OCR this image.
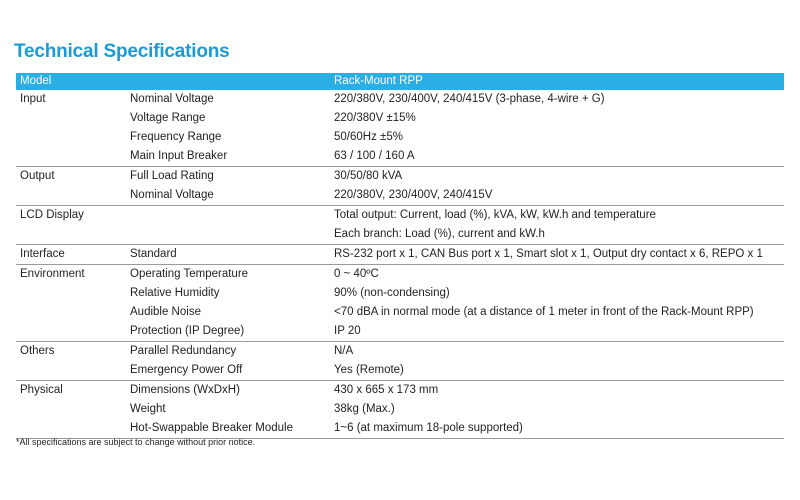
Technical Specifications
Model		Rack-Mount RPP
Input	Nominal Voltage	220/380V, 230/400V, 240/415V (3-phase, 4-wire + G)
	Voltage Range	220/380V ±15%
	Frequency Range	50/60Hz ±5%
	Main Input Breaker	63 / 100 / 160 A
Output	Full Load Rating	30/50/80 kVA
	Nominal Voltage	220/380V, 230/400V, 240/415V
LCD Display		Total output: Current, load (%), kVA, kW, kW.h and temperature
		Each branch: Load (%), current and kW.h
Interface	Standard	RS-232 port x 1, CAN Bus port x 1, Smart slot x 1, Output dry contact x 6, REPO x 1
Environment	Operating Temperature	0 ~ 40ºC
	Relative Humidity	90% (non-condensing)
	Audible Noise	<70 dBA in normal mode (at a distance of 1 meter in front of the Rack-Mount RPP)
	Protection (IP Degree)	IP 20
Others	Parallel Redundancy	N/A
	Emergency Power Off	Yes (Remote)
Physical	Dimensions (WxDxH)	430 x 665 x 173 mm
	Weight	38kg (Max.)
	Hot-Swappable Breaker Module	1~6 (at maximum 18-pole supported)
*All specifications are subject to change without prior notice.
